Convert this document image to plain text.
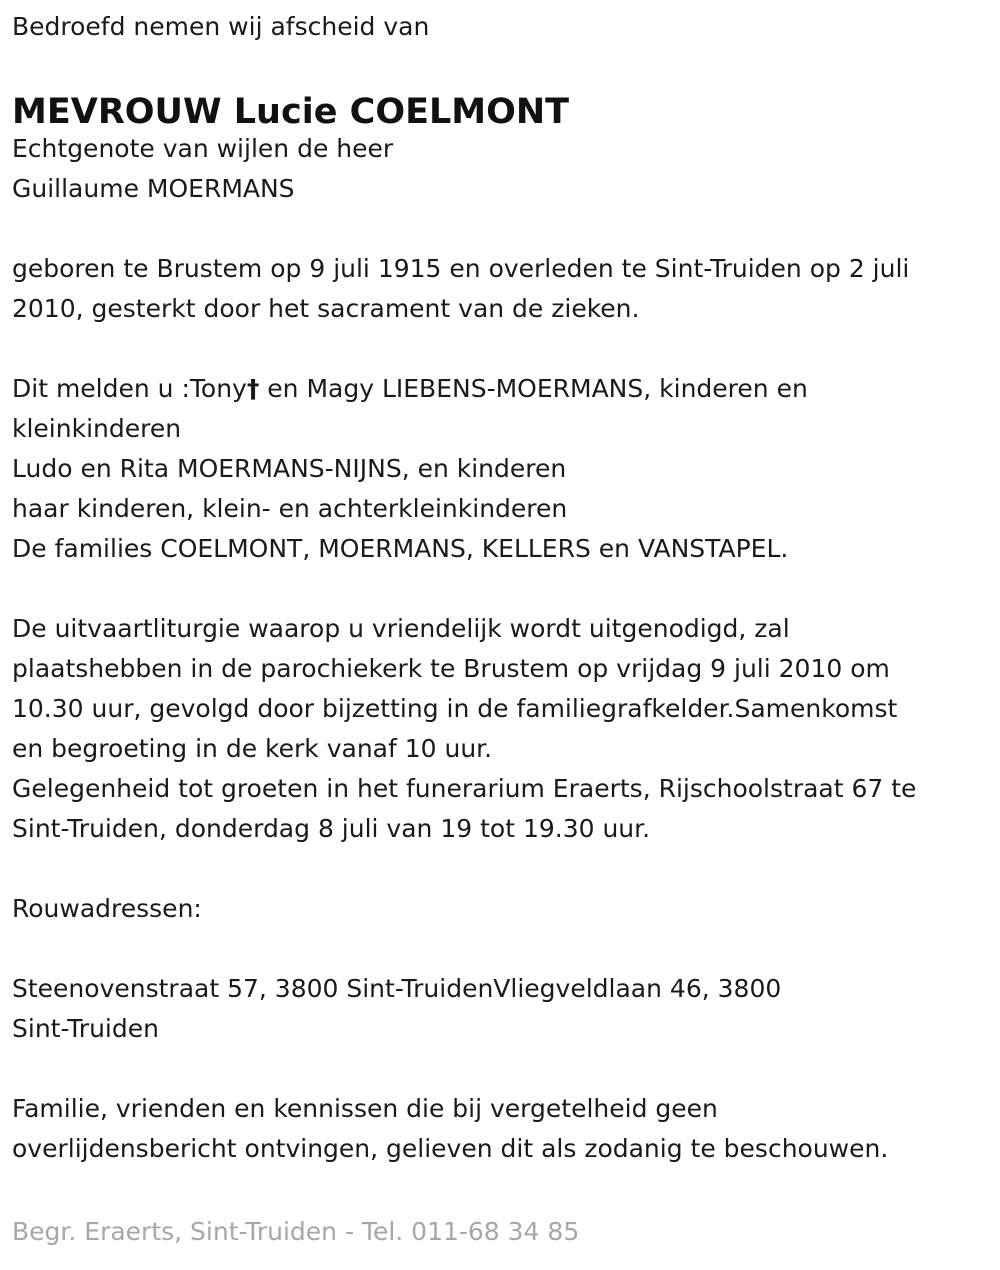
Bedroefd nemen wij afscheid van

MEVROUW Lucie COELMONT

Echtgenote van wijlen de heer

Guillaume MOERMANS

geboren te Brustem op 9 juli 1915 en overleden te Sint-Truiden op 2 juli

2010, gesterkt door het sacrament van de zieken.

Dit melden u :Tony† en Magy LIEBENS-MOERMANS, kinderen en

kleinkinderen

Ludo en Rita MOERMANS-NIJNS, en kinderen

haar kinderen, klein- en achterkleinkinderen

De families COELMONT, MOERMANS, KELLERS en VANSTAPEL.

De uitvaartliturgie waarop u vriendelijk wordt uitgenodigd, zal

plaatshebben in de parochiekerk te Brustem op vrijdag 9 juli 2010 om

10.30 uur, gevolgd door bijzetting in de familiegrafkelder.Samenkomst

en begroeting in de kerk vanaf 10 uur.

Gelegenheid tot groeten in het funerarium Eraerts, Rijschoolstraat 67 te

Sint-Truiden, donderdag 8 juli van 19 tot 19.30 uur.

Rouwadressen:

Steenovenstraat 57, 3800 Sint-TruidenVliegveldlaan 46, 3800

Sint-Truiden

Familie, vrienden en kennissen die bij vergetelheid geen

overlijdensbericht ontvingen, gelieven dit als zodanig te beschouwen.

Begr. Eraerts, Sint-Truiden - Tel. 011-68 34 85
